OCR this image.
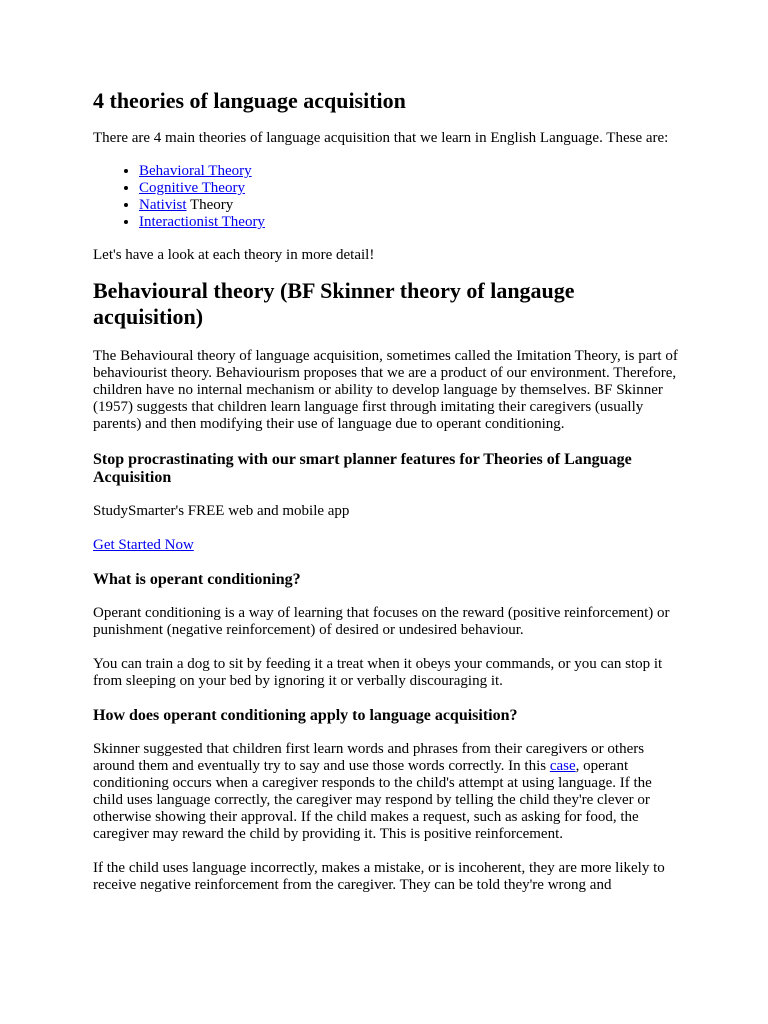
4 theories of language acquisition

There are 4 main theories of language acquisition that we learn in English Language. These are:

• Behavioral Theory
• Cognitive Theory
• Nativist Theory
• Interactionist Theory

Let's have a look at each theory in more detail!

Behavioural theory (BF Skinner theory of langauge acquisition)

The Behavioural theory of language acquisition, sometimes called the Imitation Theory, is part of behaviourist theory. Behaviourism proposes that we are a product of our environment. Therefore, children have no internal mechanism or ability to develop language by themselves. BF Skinner (1957) suggests that children learn language first through imitating their caregivers (usually parents) and then modifying their use of language due to operant conditioning.

Stop procrastinating with our smart planner features for Theories of Language Acquisition

StudySmarter's FREE web and mobile app

Get Started Now

What is operant conditioning?

Operant conditioning is a way of learning that focuses on the reward (positive reinforcement) or punishment (negative reinforcement) of desired or undesired behaviour.

You can train a dog to sit by feeding it a treat when it obeys your commands, or you can stop it from sleeping on your bed by ignoring it or verbally discouraging it.

How does operant conditioning apply to language acquisition?

Skinner suggested that children first learn words and phrases from their caregivers or others around them and eventually try to say and use those words correctly. In this case, operant conditioning occurs when a caregiver responds to the child's attempt at using language. If the child uses language correctly, the caregiver may respond by telling the child they're clever or otherwise showing their approval. If the child makes a request, such as asking for food, the caregiver may reward the child by providing it. This is positive reinforcement.

If the child uses language incorrectly, makes a mistake, or is incoherent, they are more likely to receive negative reinforcement from the caregiver. They can be told they're wrong and
